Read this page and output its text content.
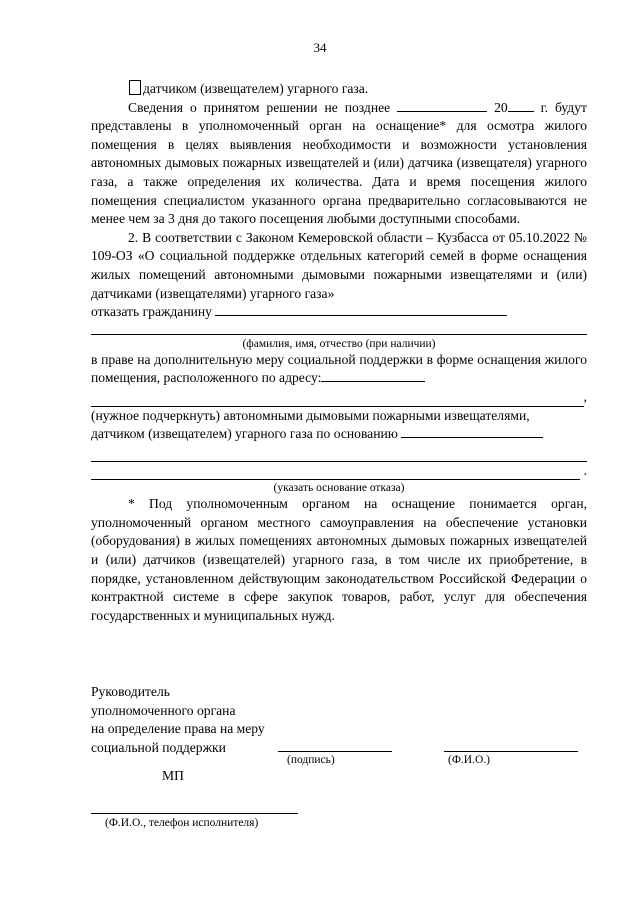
34

датчиком (извещателем) угарного газа.

Сведения о принятом решении не позднее	20 г. будут представлены в уполномоченный орган на оснащение* для осмотра жилого помещения в целях выявления необходимости и возможности установления автономных дымовых пожарных извещателей и (или) датчика (извещателя) угарного газа, а также определения их количества. Дата и время посещения жилого помещения специалистом указанного органа предварительно согласовываются не менее чем за 3 дня до такого посещения любыми доступными способами.

2. В соответствии с Законом Кемеровской области – Кузбасса от 05.10.2022 № 109-ОЗ «О социальной поддержке отдельных категорий семей в форме оснащения жилых помещений автономными дымовыми пожарными извещателями и (или) датчиками (извещателями) угарного газа»

отказать гражданину

(фамилия, имя, отчество (при наличии)

в праве на дополнительную меру социальной поддержки в форме оснащения жилого помещения, расположенного по адресу:

,

(нужное подчеркнуть) автономными дымовыми пожарными извещателями,

датчиком (извещателем) угарного газа по основанию

.
(указать основание отказа)

* Под уполномоченным органом на оснащение понимается орган, уполномоченный органом местного самоуправления на обеспечение установки (оборудования) в жилых помещениях автономных дымовых пожарных извещателей и (или) датчиков (извещателей) угарного газа, в том числе их приобретение, в порядке, установленном действующим законодательством Российской Федерации о контрактной системе в сфере закупок товаров, работ, услуг для обеспечения государственных и муниципальных нужд.

Руководитель
уполномоченного органа
на определение права на меру
социальной поддержки
(подпись)	(Ф.И.О.)
МП
(Ф.И.О., телефон исполнителя)
